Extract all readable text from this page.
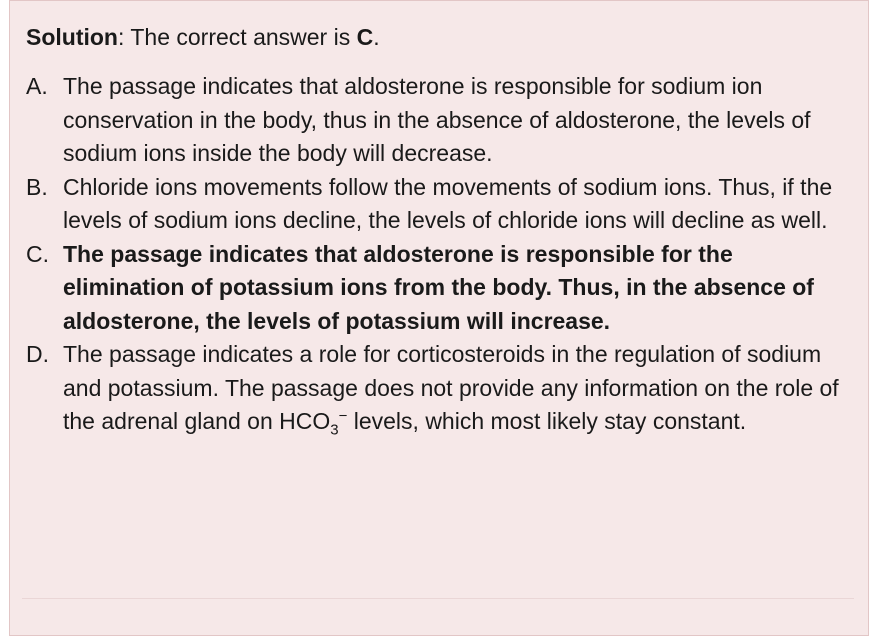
Solution: The correct answer is C.

A. The passage indicates that aldosterone is responsible for sodium ion conservation in the body, thus in the absence of aldosterone, the levels of sodium ions inside the body will decrease.

B. Chloride ions movements follow the movements of sodium ions. Thus, if the levels of sodium ions decline, the levels of chloride ions will decline as well.

C. The passage indicates that aldosterone is responsible for the elimination of potassium ions from the body. Thus, in the absence of aldosterone, the levels of potassium will increase.

D. The passage indicates a role for corticosteroids in the regulation of sodium and potassium. The passage does not provide any information on the role of the adrenal gland on $HCO_3^-$ levels, which most likely stay constant.
